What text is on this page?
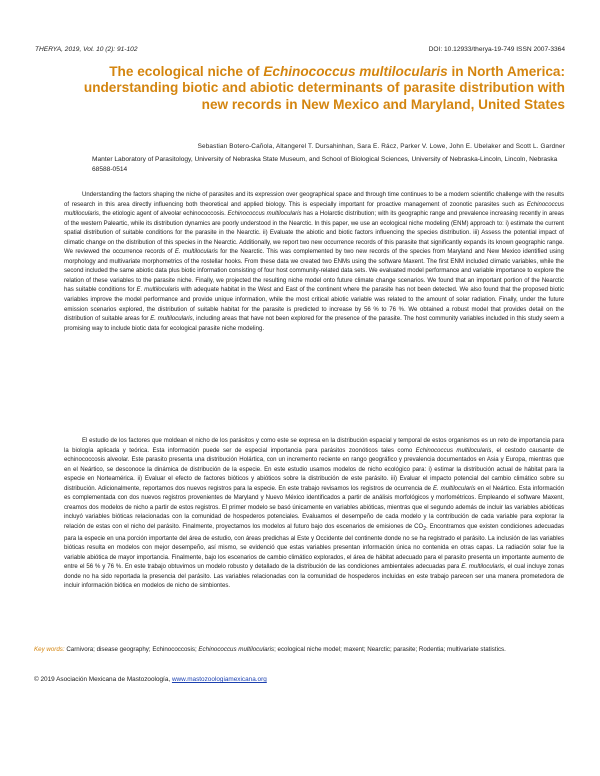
THERYA, 2019, Vol. 10 (2): 91-102	DOI: 10.12933/therya-19-749 ISSN 2007-3364
The ecological niche of Echinococcus multilocularis in North America: understanding biotic and abiotic determinants of parasite distribution with new records in New Mexico and Maryland, United States
Sebastian Botero-Cañola, Altangerel T. Dursahinhan, Sara E. Rácz, Parker V. Lowe, John E. Ubelaker and Scott L. Gardner
Manter Laboratory of Parasitology, University of Nebraska State Museum, and School of Biological Sciences, University of Nebraska-Lincoln, Lincoln, Nebraska 68588-0514

Understanding the factors shaping the niche of parasites and its expression over geographical space and through time continues to be a modern scientific challenge with the results of research in this area directly influencing both theoretical and applied biology. This is especially important for proactive management of zoonotic parasites such as Echinococcus multilocularis, the etiologic agent of alveolar echinococcosis. Echinococcus multilocularis has a Holarctic distribution; with its geographic range and prevalence increasing recently in areas of the western Paleartic, while its distribution dynamics are poorly understood in the Nearctic. In this paper, we use an ecological niche modeling (ENM) approach to: i) estimate the current spatial distribution of suitable conditions for the parasite in the Nearctic. ii) Evaluate the abiotic and biotic factors influencing the species distribution. iii) Assess the potential impact of climatic change on the distribution of this species in the Nearctic. Additionally, we report two new occurrence records of this parasite that significantly expands its known geographic range. We reviewed the occurrence records of E. multilocularis for the Nearctic. This was complemented by two new records of the species from Maryland and New Mexico identified using morphology and multivariate morphometrics of the rostellar hooks. From these data we created two ENMs using the software Maxent. The first ENM included climatic variables, while the second included the same abiotic data plus biotic information consisting of four host community-related data sets. We evaluated model performance and variable importance to explore the relation of these variables to the parasite niche. Finally, we projected the resulting niche model onto future climate change scenarios. We found that an important portion of the Nearctic has suitable conditions for E. multilocularis with adequate habitat in the West and East of the continent where the parasite has not been detected. We also found that the proposed biotic variables improve the model performance and provide unique information, while the most critical abiotic variable was related to the amount of solar radiation. Finally, under the future emission scenarios explored, the distribution of suitable habitat for the parasite is predicted to increase by 56 % to 76 %. We obtained a robust model that provides detail on the distribution of suitable areas for E. multilocularis, including areas that have not been explored for the presence of the parasite. The host community variables included in this study seem a promising way to include biotic data for ecological parasite niche modeling.

El estudio de los factores que moldean el nicho de los parásitos y como este se expresa en la distribución espacial y temporal de estos organismos es un reto de importancia para la biología aplicada y teórica. Esta información puede ser de especial importancia para parásitos zoonóticos tales como Echinococcus multilocularis, el cestodo causante de echinococcosis alveolar. Este parasito presenta una distribución Holártica, con un incremento reciente en rango geográfico y prevalencia documentados en Asia y Europa, mientras que en el Neártico, se desconoce la dinámica de distribución de la especie. En este estudio usamos modelos de nicho ecológico para: i) estimar la distribución actual de hábitat para la especie en Norteamérica. ii) Evaluar el efecto de factores bióticos y abióticos sobre la distribución de este parásito. iii) Evaluar el impacto potencial del cambio climático sobre su distribución. Adicionalmente, reportamos dos nuevos registros para la especie. En este trabajo revisamos los registros de ocurrencia de E. multilocularis en el Neártico. Esta información es complementada con dos nuevos registros provenientes de Maryland y Nuevo México identificados a partir de análisis morfológicos y morfométricos. Empleando el software Maxent, creamos dos modelos de nicho a partir de estos registros. El primer modelo se basó únicamente en variables abióticas, mientras que el segundo además de incluir las variables abióticas incluyó variables bióticas relacionadas con la comunidad de hospederos potenciales. Evaluamos el desempeño de cada modelo y la contribución de cada variable para explorar la relación de estas con el nicho del parásito. Finalmente, proyectamos los modelos al futuro bajo dos escenarios de emisiones de $CO_2$. Encontramos que existen condiciones adecuadas para la especie en una porción importante del área de estudio, con áreas predichas al Este y Occidente del continente donde no se ha registrado el parásito. La inclusión de las variables bióticas resulta en modelos con mejor desempeño, así mismo, se evidenció que estas variables presentan información única no contenida en otras capas. La radiación solar fue la variable abiótica de mayor importancia. Finalmente, bajo los escenarios de cambio climático explorados, el área de hábitat adecuado para el parasito presenta un importante aumento de entre el 56 % y 76 %. En este trabajo obtuvimos un modelo robusto y detallado de la distribución de las condiciones ambientales adecuadas para E. multilocularis, el cual incluye zonas donde no ha sido reportada la presencia del parásito. Las variables relacionadas con la comunidad de hospederos incluidas en este trabajo parecen ser una manera prometedora de incluir información biótica en modelos de nicho de simbiontes.

Key words: Carnivora; disease geography; Echinococcosis; Echinococcus multilocularis; ecological niche model; maxent; Nearctic; parasite; Rodentia; multivariate statistics.
© 2019 Asociación Mexicana de Mastozoología, www.mastozoologiamexicana.org
